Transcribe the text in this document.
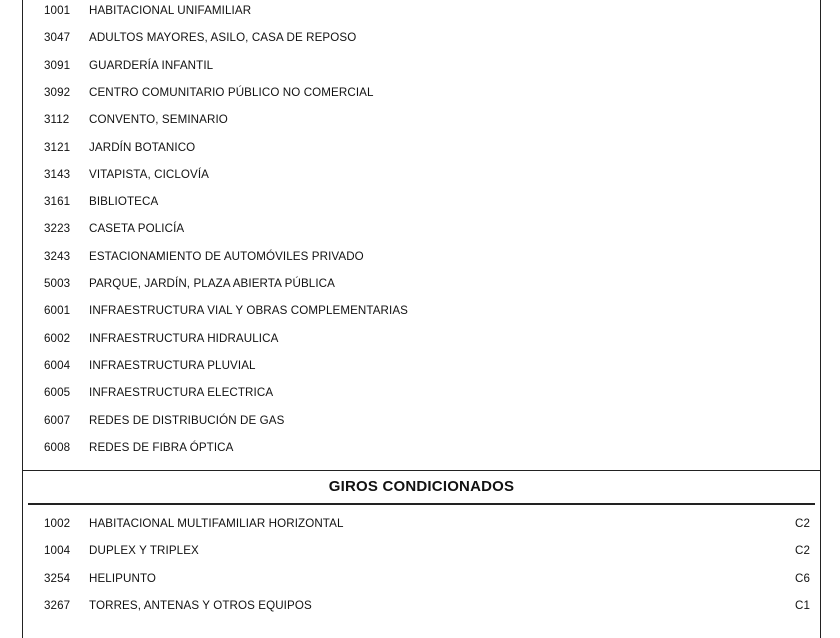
1001	HABITACIONAL UNIFAMILIAR
3047	ADULTOS MAYORES, ASILO, CASA DE REPOSO
3091	GUARDERÍA INFANTIL
3092	CENTRO COMUNITARIO PÚBLICO NO COMERCIAL
3112	CONVENTO, SEMINARIO
3121	JARDÍN BOTANICO
3143	VITAPISTA, CICLOVÍA
3161	BIBLIOTECA
3223	CASETA POLICÍA
3243	ESTACIONAMIENTO DE AUTOMÓVILES PRIVADO
5003	PARQUE, JARDÍN, PLAZA ABIERTA PÚBLICA
6001	INFRAESTRUCTURA VIAL Y OBRAS COMPLEMENTARIAS
6002	INFRAESTRUCTURA HIDRAULICA
6004	INFRAESTRUCTURA PLUVIAL
6005	INFRAESTRUCTURA ELECTRICA
6007	REDES DE DISTRIBUCIÓN DE GAS
6008	REDES DE FIBRA ÓPTICA
GIROS CONDICIONADOS
1002	HABITACIONAL MULTIFAMILIAR HORIZONTAL	C2
1004	DUPLEX Y TRIPLEX	C2
3254	HELIPUNTO	C6
3267	TORRES, ANTENAS Y OTROS EQUIPOS	C1
